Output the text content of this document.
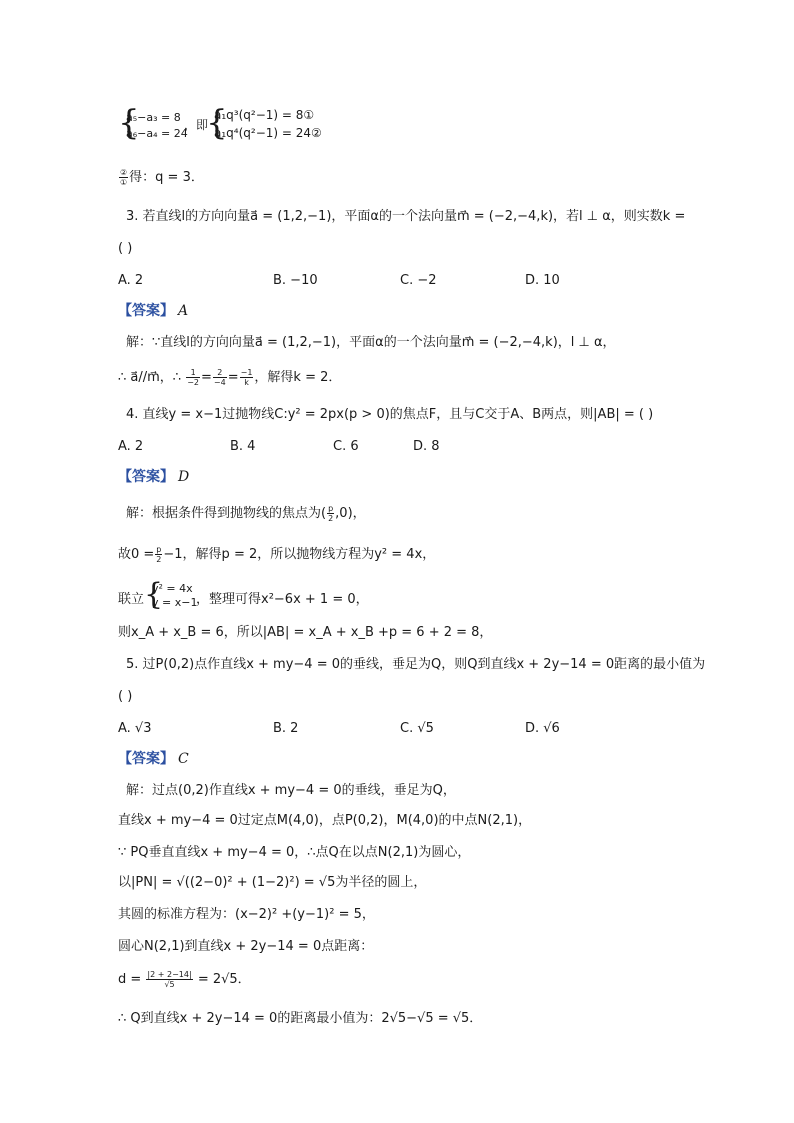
{
a₅−a₃ = 8
a₆−a₄ = 24
，即
{
a₁q³(q²−1) = 8①
a₁q⁴(q²−1) = 24②
$\frac{\text{②}}{\text{①}}$ 得：q = 3．
3. 若直线l的方向向量a⃗ = (1,2,−1)，平面α的一个法向量m⃗ = (−2,−4,k)，若l ⊥ α，则实数k =
( )
A. 2	B. −10	C. −2	D. 10
【答案】 A
解：∵直线l的方向向量a⃗ = (1,2,−1)，平面α的一个法向量m⃗ = (−2,−4,k)，l ⊥ α，
∴ a⃗//m⃗，∴ $\frac{1}{-2} = \frac{2}{-4} = \frac{-1}{k}$ ，解得k = 2．
4. 直线y = x−1过抛物线C:y² = 2px(p > 0)的焦点F，且与C交于A、B两点，则|AB| = ( )
A. 2	B. 4	C. 6	D. 8
【答案】 D
解：根据条件得到抛物线的焦点为( $\frac{p}{2} ,0$)，
故$0 = \frac{p}{2} -1$，解得p = 2，所以抛物线方程为y² = 4x，
联立 {
y² = 4x
y = x−1
，整理可得x²−6x + 1 = 0，
则x_A + x_B = 6，所以|AB| = x_A + x_B +p = 6 + 2 = 8，
5. 过P(0,2)点作直线x + my−4 = 0的垂线，垂足为Q，则Q到直线x + 2y−14 = 0距离的最小值为
( )
A. √3	B. 2	C. √5	D. √6
【答案】 C
解：过点(0,2)作直线x + my−4 = 0的垂线，垂足为Q，
直线x + my−4 = 0过定点M(4,0)，点P(0,2)，M(4,0)的中点N(2,1)，
∵ PQ垂直直线x + my−4 = 0，∴点Q在以点N(2,1)为圆心，
以|PN| = √((2−0)² + (1−2)²) = √5为半径的圆上，
其圆的标准方程为：(x−2)² +(y−1)² = 5，
圆心N(2,1)到直线x + 2y−14 = 0点距离：
$d = \frac{|2 + 2-14|}{√5} = 2√5$．
∴ Q到直线x + 2y−14 = 0的距离最小值为：2√5−√5 = √5．
